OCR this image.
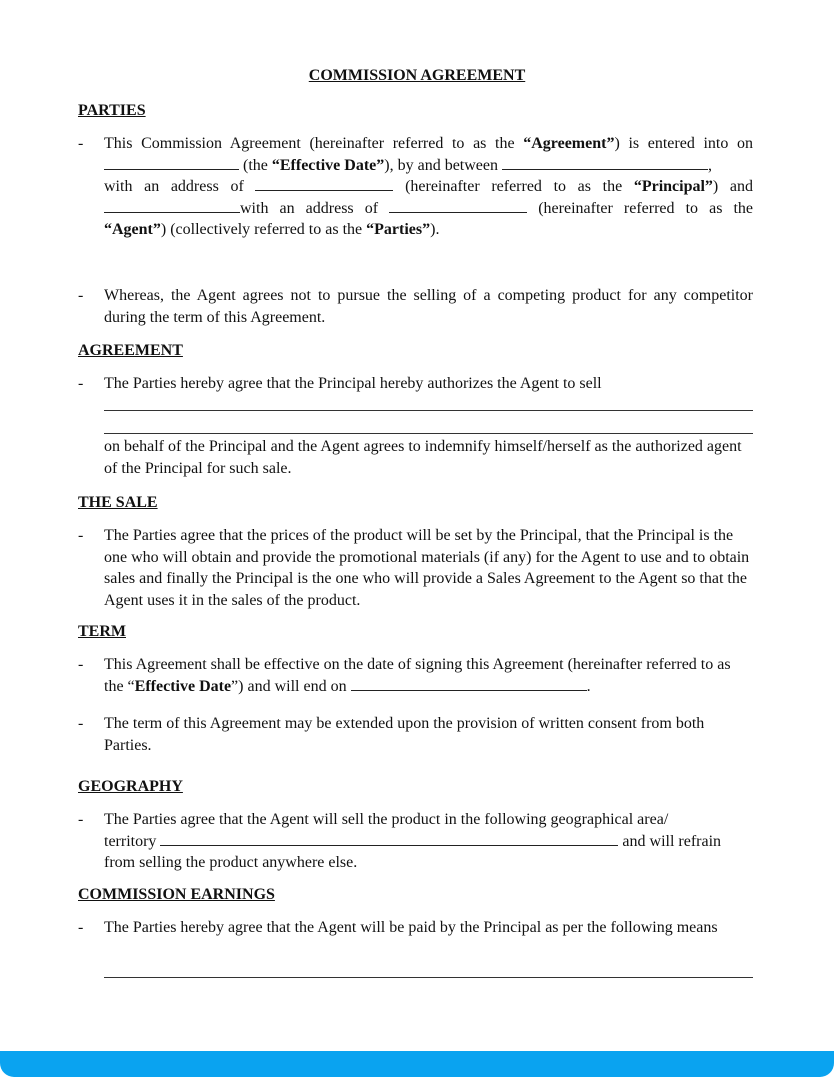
COMMISSION AGREEMENT
PARTIES
- This Commission Agreement (hereinafter referred to as the “Agreement”) is entered into on
(the “Effective Date”), by and between	,
with an address of	(hereinafter referred to as the “Principal”) and
with an address of	(hereinafter referred to as the
“Agent”) (collectively referred to as the “Parties”).
- Whereas, the Agent agrees not to pursue the selling of a competing product for any competitor during the term of this Agreement.
AGREEMENT
- The Parties hereby agree that the Principal hereby authorizes the Agent to sell
on behalf of the Principal and the Agent agrees to indemnify himself/herself as the authorized agent of the Principal for such sale.
THE SALE
- The Parties agree that the prices of the product will be set by the Principal, that the Principal is the one who will obtain and provide the promotional materials (if any) for the Agent to use and to obtain sales and finally the Principal is the one who will provide a Sales Agreement to the Agent so that the Agent uses it in the sales of the product.
TERM
- This Agreement shall be effective on the date of signing this Agreement (hereinafter referred to as the “Effective Date”) and will end on	.
- The term of this Agreement may be extended upon the provision of written consent from both Parties.
GEOGRAPHY
- The Parties agree that the Agent will sell the product in the following geographical area/
territory	and will refrain
from selling the product anywhere else.
COMMISSION EARNINGS
- The Parties hereby agree that the Agent will be paid by the Principal as per the following means
